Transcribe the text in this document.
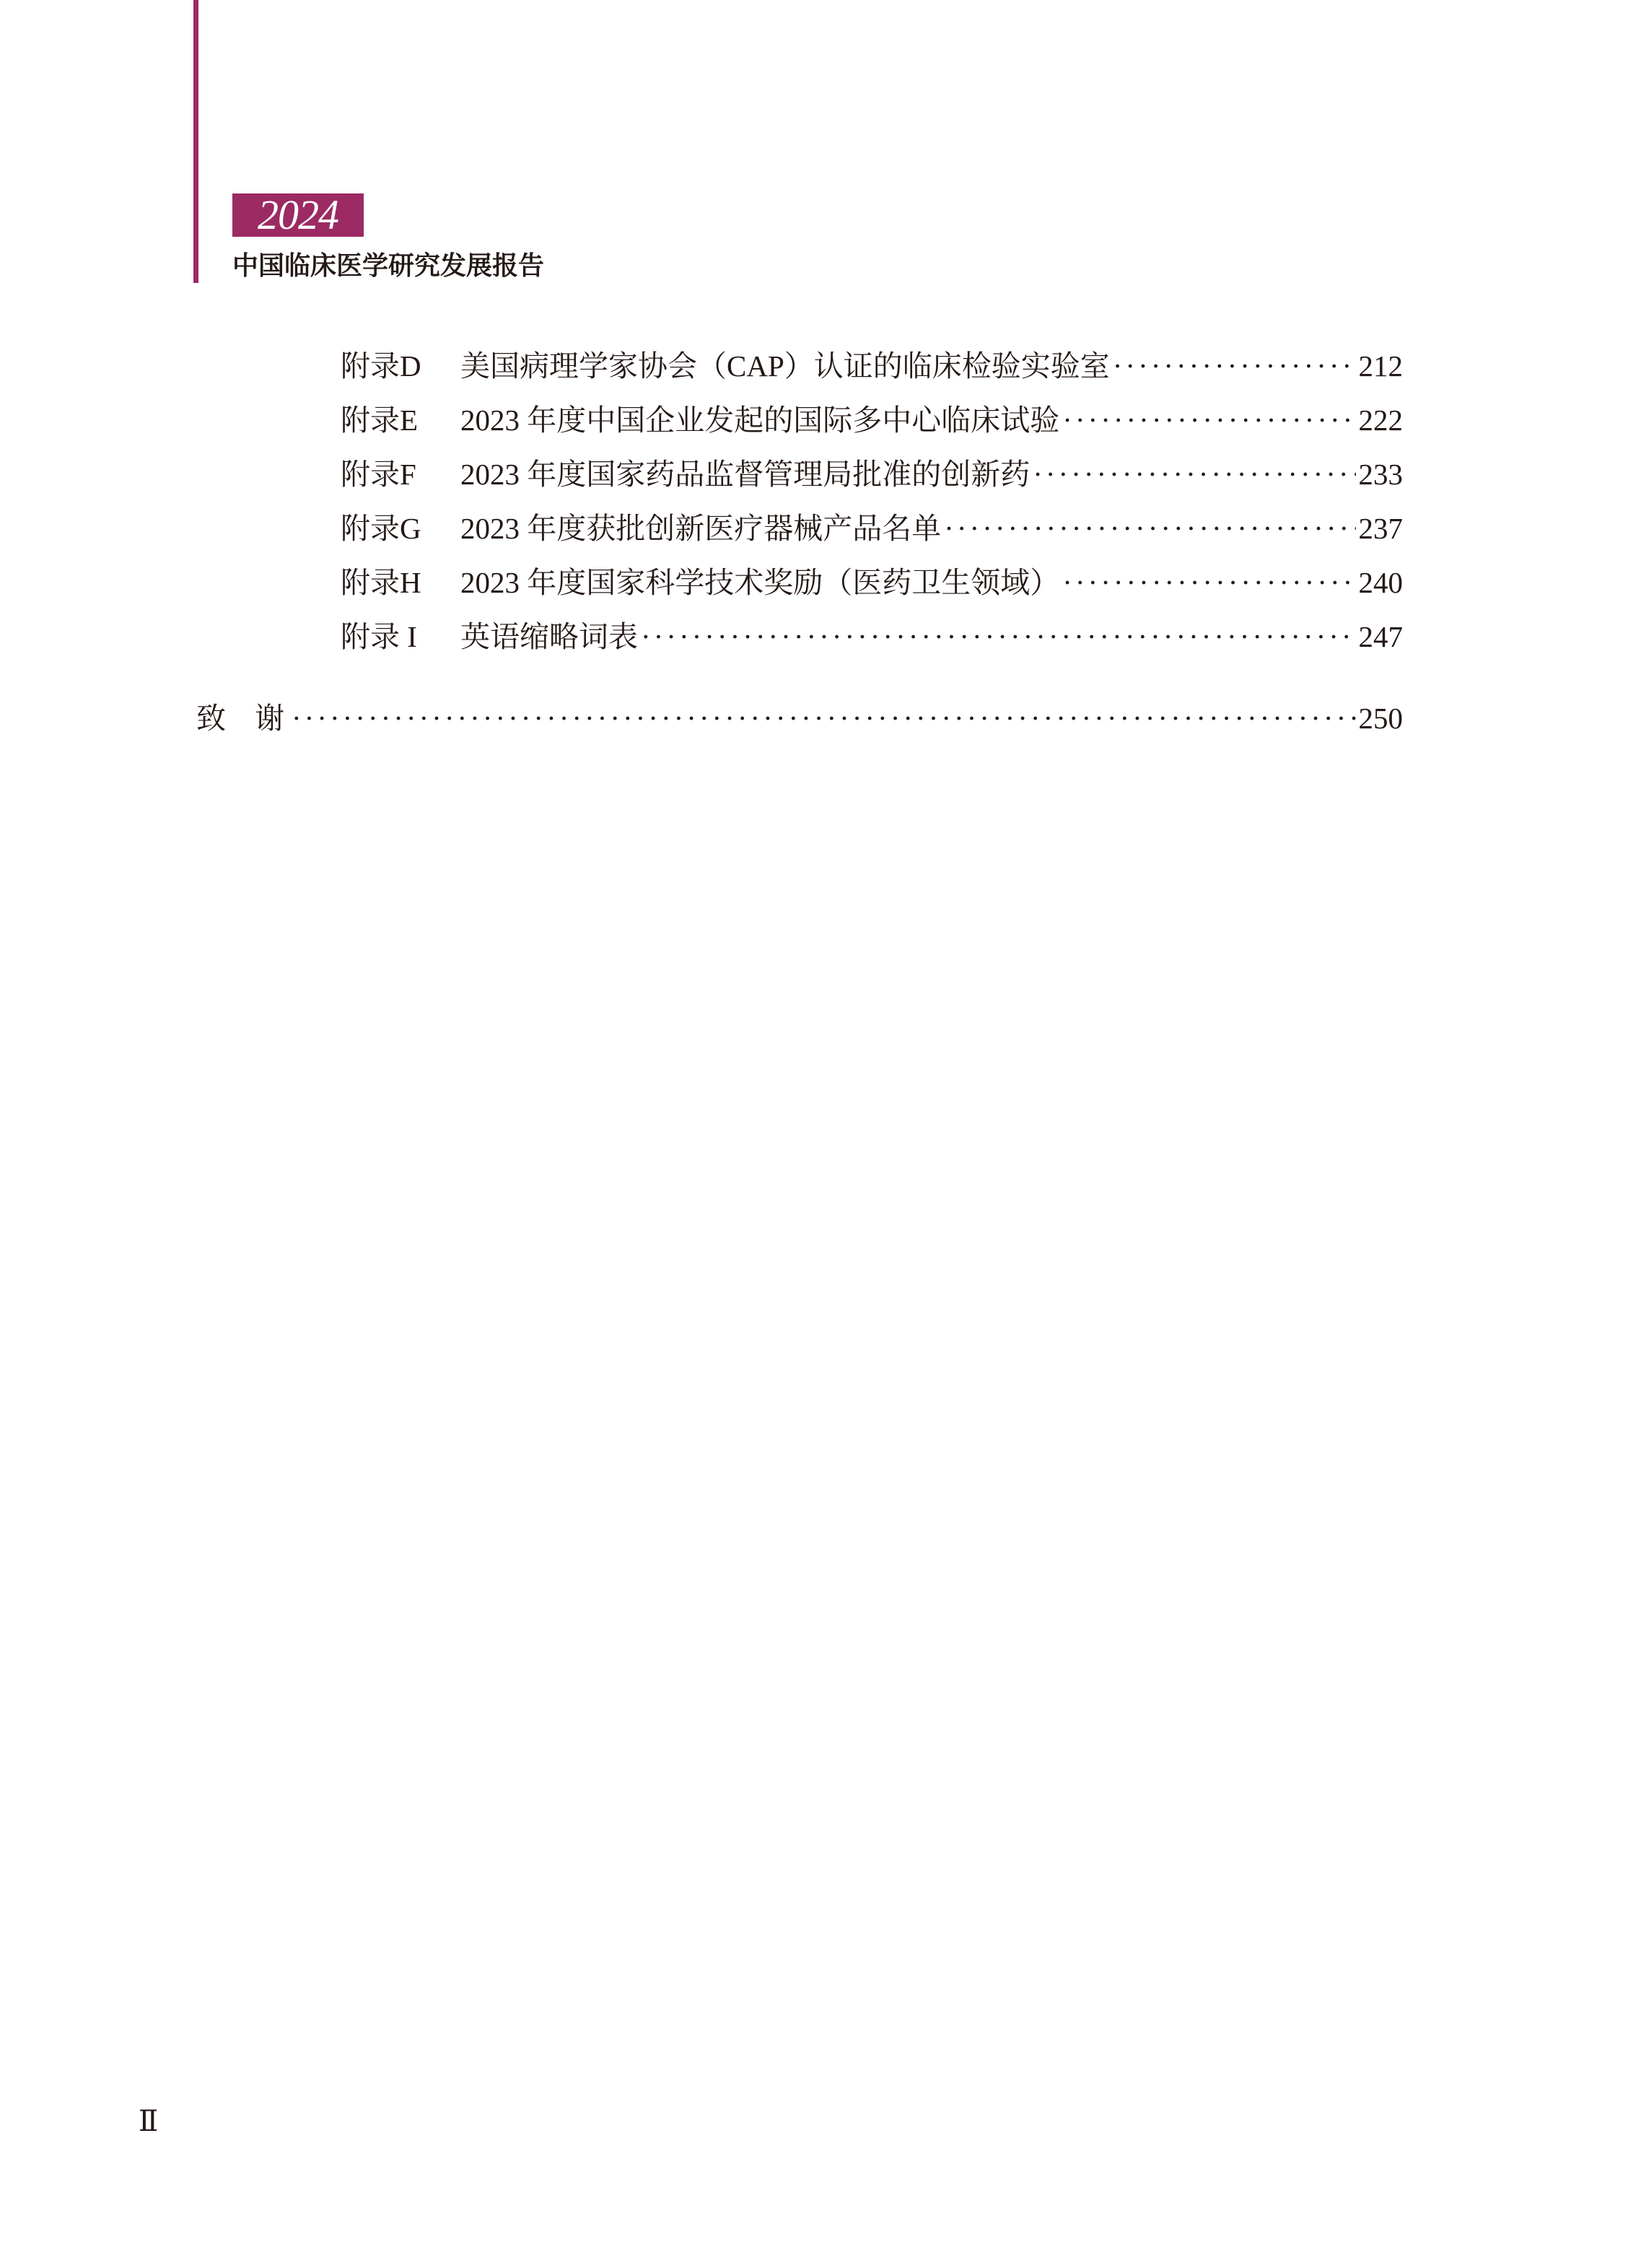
2024
中国临床医学研究发展报告
附录D	美国病理学家协会（CAP）认证的临床检验实验室 ·····	212
附录E	2023 年度中国企业发起的国际多中心临床试验 ·····	222
附录F	2023 年度国家药品监督管理局批准的创新药 ·····	233
附录G	2023 年度获批创新医疗器械产品名单 ·····	237
附录H	2023 年度国家科学技术奖励（医药卫生领域） ·····	240
附录 I	英语缩略词表 ·····	247
致谢 ·····	250
Ⅱ
